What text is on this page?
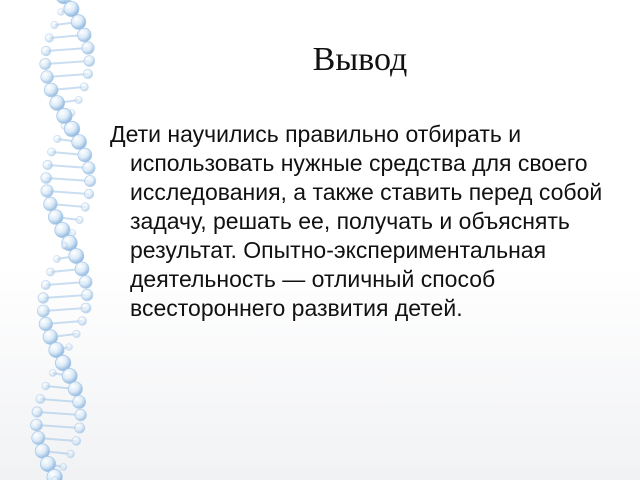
Вывод

Дети научились правильно отбирать и использовать нужные средства для своего исследования, а также ставить перед собой задачу, решать ее, получать и объяснять результат. Опытно-экспериментальная деятельность — отличный способ всестороннего развития детей.
